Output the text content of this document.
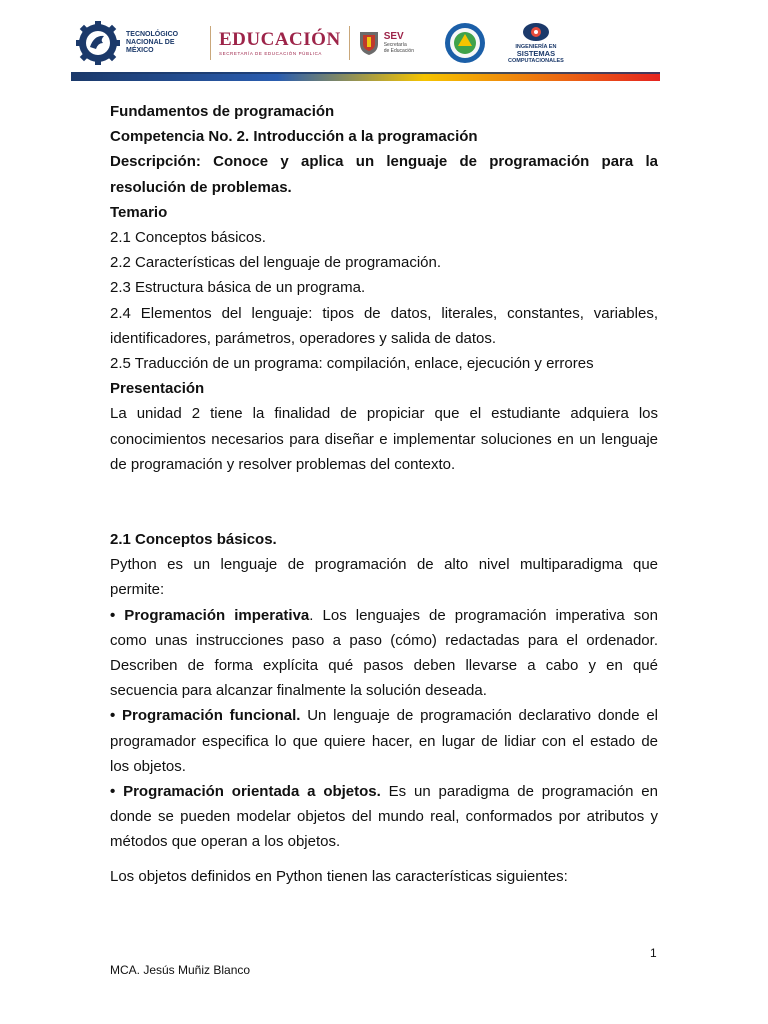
TECNOLÓGICO
NACIONAL DE MÉXICO
EDUCACIÓN
SECRETARÍA DE EDUCACIÓN PÚBLICA
SEV
Secretaría
de Educación
INGENIERÍA EN
SISTEMAS
COMPUTACIONALES

Fundamentos de programación

Competencia No. 2. Introducción a la programación

Descripción: Conoce y aplica un lenguaje de programación para la

resolución de problemas.

Temario

2.1 Conceptos básicos.

2.2 Características del lenguaje de programación.

2.3 Estructura básica de un programa.

2.4 Elementos del lenguaje: tipos de datos, literales, constantes, variables,

identificadores, parámetros, operadores y salida de datos.

2.5 Traducción de un programa: compilación, enlace, ejecución y errores

Presentación

La unidad 2 tiene la finalidad de propiciar que el estudiante adquiera los

conocimientos necesarios para diseñar e implementar soluciones en un lenguaje

de programación y resolver problemas del contexto.

2.1 Conceptos básicos.

Python es un lenguaje de programación de alto nivel multiparadigma que

permite:

• Programación imperativa. Los lenguajes de programación imperativa son

como unas instrucciones paso a paso (cómo) redactadas para el ordenador.

Describen de forma explícita qué pasos deben llevarse a cabo y en qué

secuencia para alcanzar finalmente la solución deseada.

• Programación funcional. Un lenguaje de programación declarativo donde el

programador especifica lo que quiere hacer, en lugar de lidiar con el estado de

los objetos.

• Programación orientada a objetos. Es un paradigma de programación en

donde se pueden modelar objetos del mundo real, conformados por atributos y

métodos que operan a los objetos.

Los objetos definidos en Python tienen las características siguientes:

1
MCA. Jesús Muñiz Blanco
